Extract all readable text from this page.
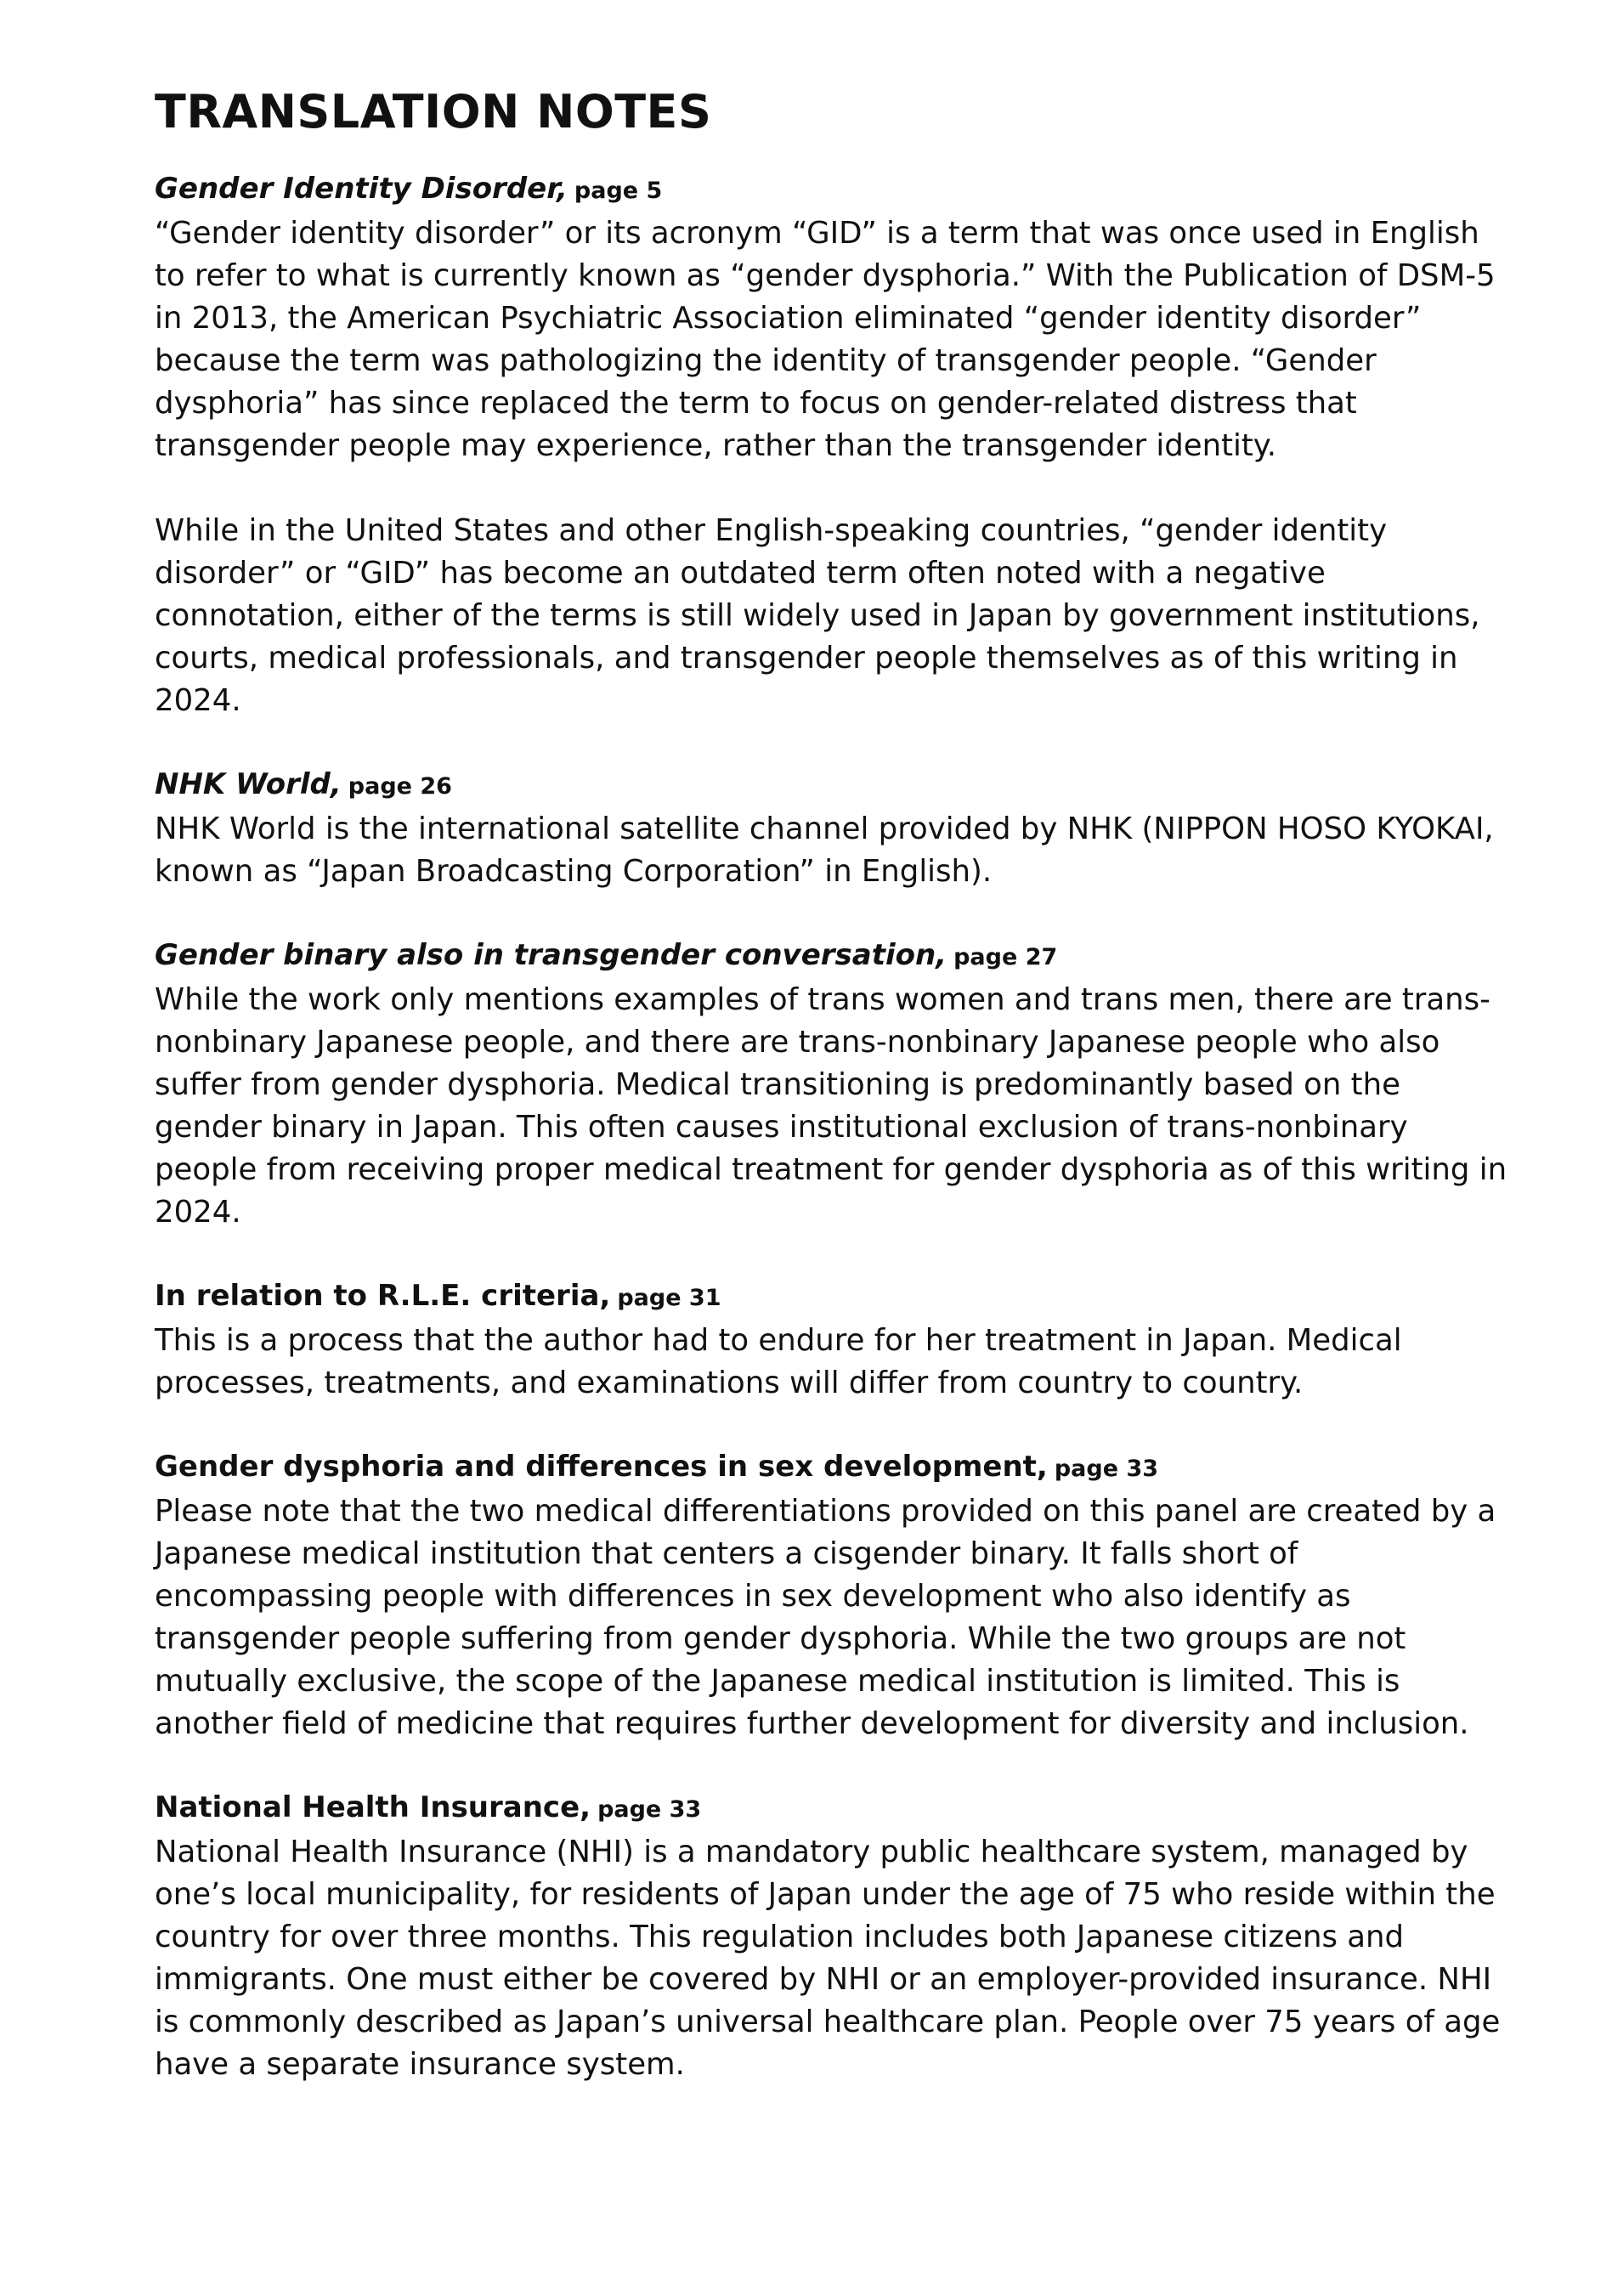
TRANSLATION NOTES

Gender Identity Disorder, page 5

“Gender identity disorder” or its acronym “GID” is a term that was once used in English to refer to what is currently known as “gender dysphoria.” With the Publication of DSM-5 in 2013, the American Psychiatric Association eliminated “gender identity disorder” because the term was pathologizing the identity of transgender people. “Gender dysphoria” has since replaced the term to focus on gender-related distress that transgender people may experience, rather than the transgender identity.

While in the United States and other English-speaking countries, “gender identity disorder” or “GID” has become an outdated term often noted with a negative connotation, either of the terms is still widely used in Japan by government institutions, courts, medical professionals, and transgender people themselves as of this writing in 2024.

NHK World, page 26

NHK World is the international satellite channel provided by NHK (NIPPON HOSO KYOKAI, known as “Japan Broadcasting Corporation” in English).

Gender binary also in transgender conversation, page 27

While the work only mentions examples of trans women and trans men, there are trans-nonbinary Japanese people, and there are trans-nonbinary Japanese people who also suffer from gender dysphoria. Medical transitioning is predominantly based on the gender binary in Japan. This often causes institutional exclusion of trans-nonbinary people from receiving proper medical treatment for gender dysphoria as of this writing in 2024.

In relation to R.L.E. criteria, page 31

This is a process that the author had to endure for her treatment in Japan. Medical processes, treatments, and examinations will differ from country to country.

Gender dysphoria and differences in sex development, page 33

Please note that the two medical differentiations provided on this panel are created by a Japanese medical institution that centers a cisgender binary. It falls short of encompassing people with differences in sex development who also identify as transgender people suffering from gender dysphoria. While the two groups are not mutually exclusive, the scope of the Japanese medical institution is limited. This is another field of medicine that requires further development for diversity and inclusion.

National Health Insurance, page 33

National Health Insurance (NHI) is a mandatory public healthcare system, managed by one’s local municipality, for residents of Japan under the age of 75 who reside within the country for over three months. This regulation includes both Japanese citizens and immigrants. One must either be covered by NHI or an employer-provided insurance. NHI is commonly described as Japan’s universal healthcare plan. People over 75 years of age have a separate insurance system.
